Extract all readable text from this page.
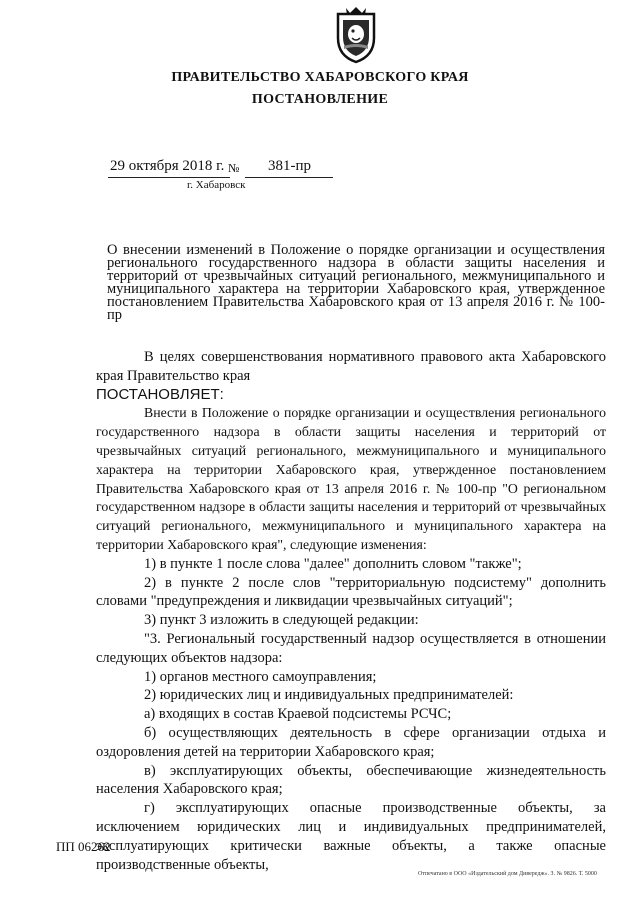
ПРАВИТЕЛЬСТВО ХАБАРОВСКОГО КРАЯ
ПОСТАНОВЛЕНИЕ
29 октября 2018 г. № 381-пр
г. Хабаровск
О внесении изменений в Положение о порядке организации и осуществления регионального государственного надзора в области защиты населения и территорий от чрезвычайных ситуаций регионального, межмуниципального и муниципального характера на территории Хабаровского края, утвержденное постановлением Правительства Хабаровского края от 13 апреля 2016 г. № 100-пр

В целях совершенствования нормативного правового акта Хабаровского края Правительство края

ПОСТАНОВЛЯЕТ:

Внести в Положение о порядке организации и осуществления регионального государственного надзора в области защиты населения и территорий от чрезвычайных ситуаций регионального, межмуниципального и муниципального характера на территории Хабаровского края, утвержденное постановлением Правительства Хабаровского края от 13 апреля 2016 г. № 100-пр "О региональном государственном надзоре в области защиты населения и территорий от чрезвычайных ситуаций регионального, межмуниципального и муниципального характера на территории Хабаровского края", следующие изменения:

1) в пункте 1 после слова "далее" дополнить словом "также";

2) в пункте 2 после слов "территориальную подсистему" дополнить словами "предупреждения и ликвидации чрезвычайных ситуаций";

3) пункт 3 изложить в следующей редакции:

"3. Региональный государственный надзор осуществляется в отношении следующих объектов надзора:

1) органов местного самоуправления;

2) юридических лиц и индивидуальных предпринимателей:

а) входящих в состав Краевой подсистемы РСЧС;

б) осуществляющих деятельность в сфере организации отдыха и оздоровления детей на территории Хабаровского края;

в) эксплуатирующих объекты, обеспечивающие жизнедеятельность населения Хабаровского края;

г) эксплуатирующих опасные производственные объекты, за исключением юридических лиц и индивидуальных предпринимателей, эксплуатирующих критически важные объекты, а также опасные производственные объекты,

ПП 06262
Отпечатано в ООО «Издательский дом Дивередж». З. № 9826. Т. 5000
